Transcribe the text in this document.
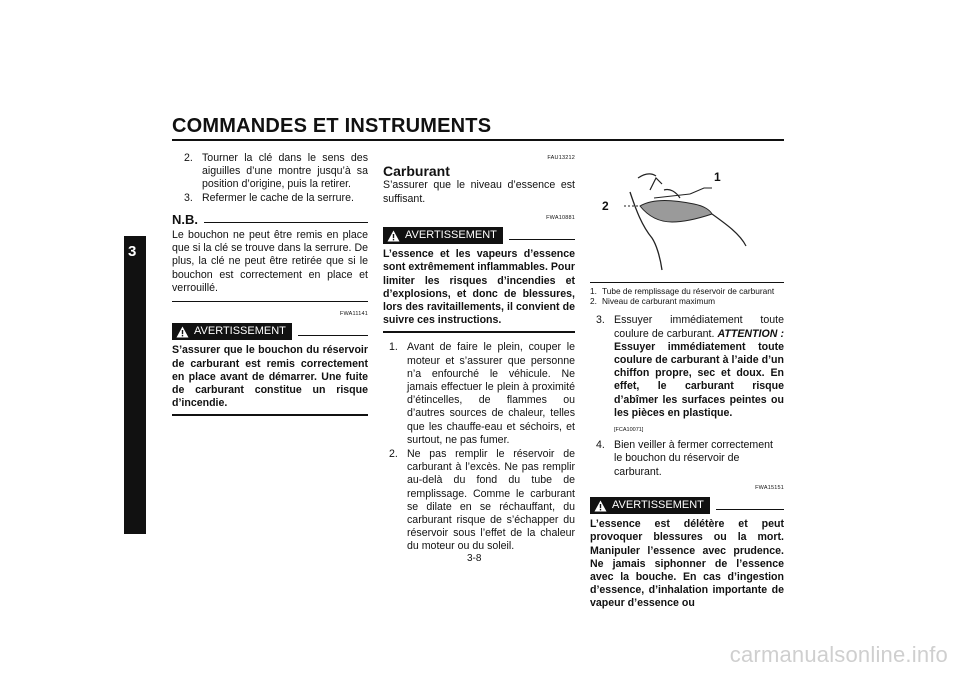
COMMANDES ET INSTRUMENTS
3

2. Tourner la clé dans le sens des aiguilles d’une montre jusqu’à sa position d’origine, puis la retirer.

3. Refermer le cache de la serrure.

N.B.

Le bouchon ne peut être remis en place que si la clé se trouve dans la serrure. De plus, la clé ne peut être retirée que si le bouchon est correctement en place et verrouillé.

FWA11141
AVERTISSEMENT

S’assurer que le bouchon du réservoir de carburant est remis correctement en place avant de démarrer. Une fuite de carburant constitue un risque d’incendie.

FAU13212
Carburant

S’assurer que le niveau d’essence est suffisant.

FWA10881
AVERTISSEMENT

L’essence et les vapeurs d’essence sont extrêmement inflammables. Pour limiter les risques d’incendies et d’explosions, et donc de blessures, lors des ravitaillements, il convient de suivre ces instructions.

1. Avant de faire le plein, couper le moteur et s’assurer que personne n’a enfourché le véhicule. Ne jamais effectuer le plein à proximité d’étincelles, de flammes ou d’autres sources de chaleur, telles que les chauffe-eau et séchoirs, et surtout, ne pas fumer.

2. Ne pas remplir le réservoir de carburant à l’excès. Ne pas remplir au-delà du fond du tube de remplissage. Comme le carburant se dilate en se réchauffant, du carburant risque de s’échapper du réservoir sous l’effet de la chaleur du moteur ou du soleil.

1
2

1. Tube de remplissage du réservoir de carburant

2. Niveau de carburant maximum

3. Essuyer immédiatement toute coulure de carburant. ATTENTION : Essuyer immédiatement toute coulure de carburant à l’aide d’un chiffon propre, sec et doux. En effet, le carburant risque d’abîmer les surfaces peintes ou les pièces en plastique.

[FCA10071]

4. Bien veiller à fermer correctement le bouchon du réservoir de carburant.

FWA15151
AVERTISSEMENT

L’essence est délétère et peut provoquer blessures ou la mort. Manipuler l’essence avec prudence. Ne jamais siphonner de l’essence avec la bouche. En cas d’ingestion d’essence, d’inhalation importante de vapeur d’essence ou

3-8
carmanualsonline.info
